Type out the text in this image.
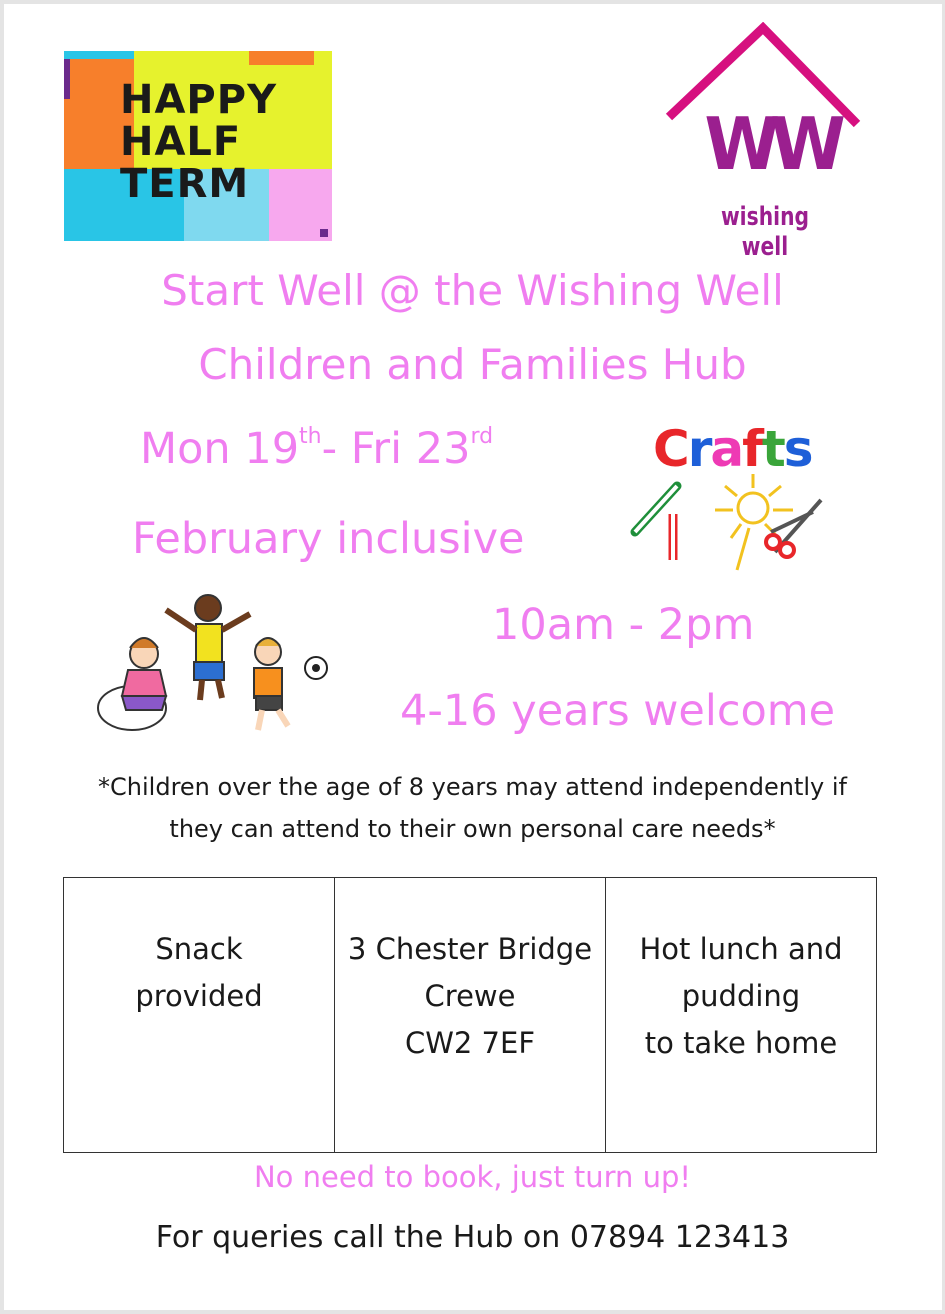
HAPPY
HALF
TERM	WW
wishing well
Start Well @ the Wishing Well
Children and Families Hub
Mon 19th- Fri 23rd
February inclusive
Crafts
10am - 2pm
4-16 years welcome
*Children over the age of 8 years may attend independently if
they can attend to their own personal care needs*
Snack
provided

3 Chester Bridge
Crewe
CW2 7EF

Hot lunch and
pudding
to take home
No need to book, just turn up!
For queries call the Hub on 07894 123413
